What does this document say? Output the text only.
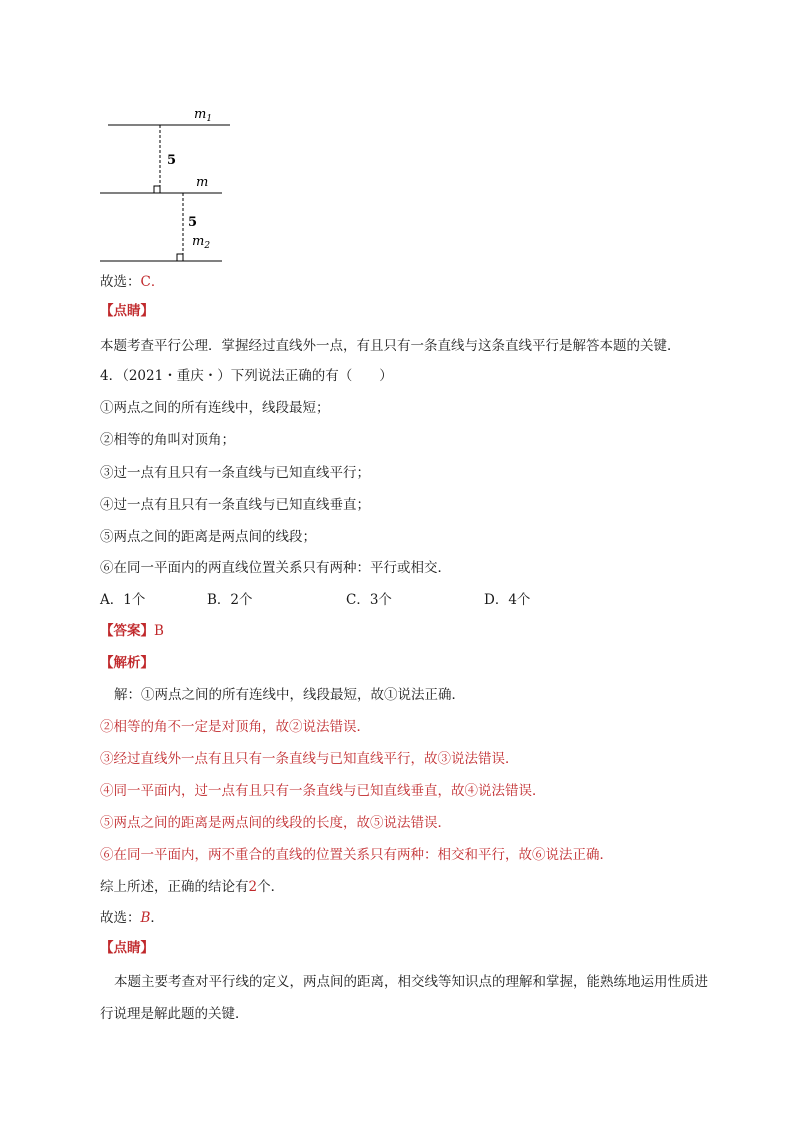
$m_1$
m
$m_2$
5
5
故选：C．
【点睛】
本题考查平行公理．掌握经过直线外一点，有且只有一条直线与这条直线平行是解答本题的关键．
4．（2021・重庆・）下列说法正确的有（　　）
①两点之间的所有连线中，线段最短；
②相等的角叫对顶角；
③过一点有且只有一条直线与已知直线平行；
④过一点有且只有一条直线与已知直线垂直；
⑤两点之间的距离是两点间的线段；
⑥在同一平面内的两直线位置关系只有两种：平行或相交．
A．1个	B．2个	C．3个	D．4个
【答案】B
【解析】
解：①两点之间的所有连线中，线段最短，故①说法正确．
②相等的角不一定是对顶角，故②说法错误．
③经过直线外一点有且只有一条直线与已知直线平行，故③说法错误．
④同一平面内，过一点有且只有一条直线与已知直线垂直，故④说法错误．
⑤两点之间的距离是两点间的线段的长度，故⑤说法错误．
⑥在同一平面内，两不重合的直线的位置关系只有两种：相交和平行，故⑥说法正确．
综上所述，正确的结论有2个．
故选：B．
【点睛】
本题主要考查对平行线的定义，两点间的距离，相交线等知识点的理解和掌握，能熟练地运用性质进
行说理是解此题的关键．
